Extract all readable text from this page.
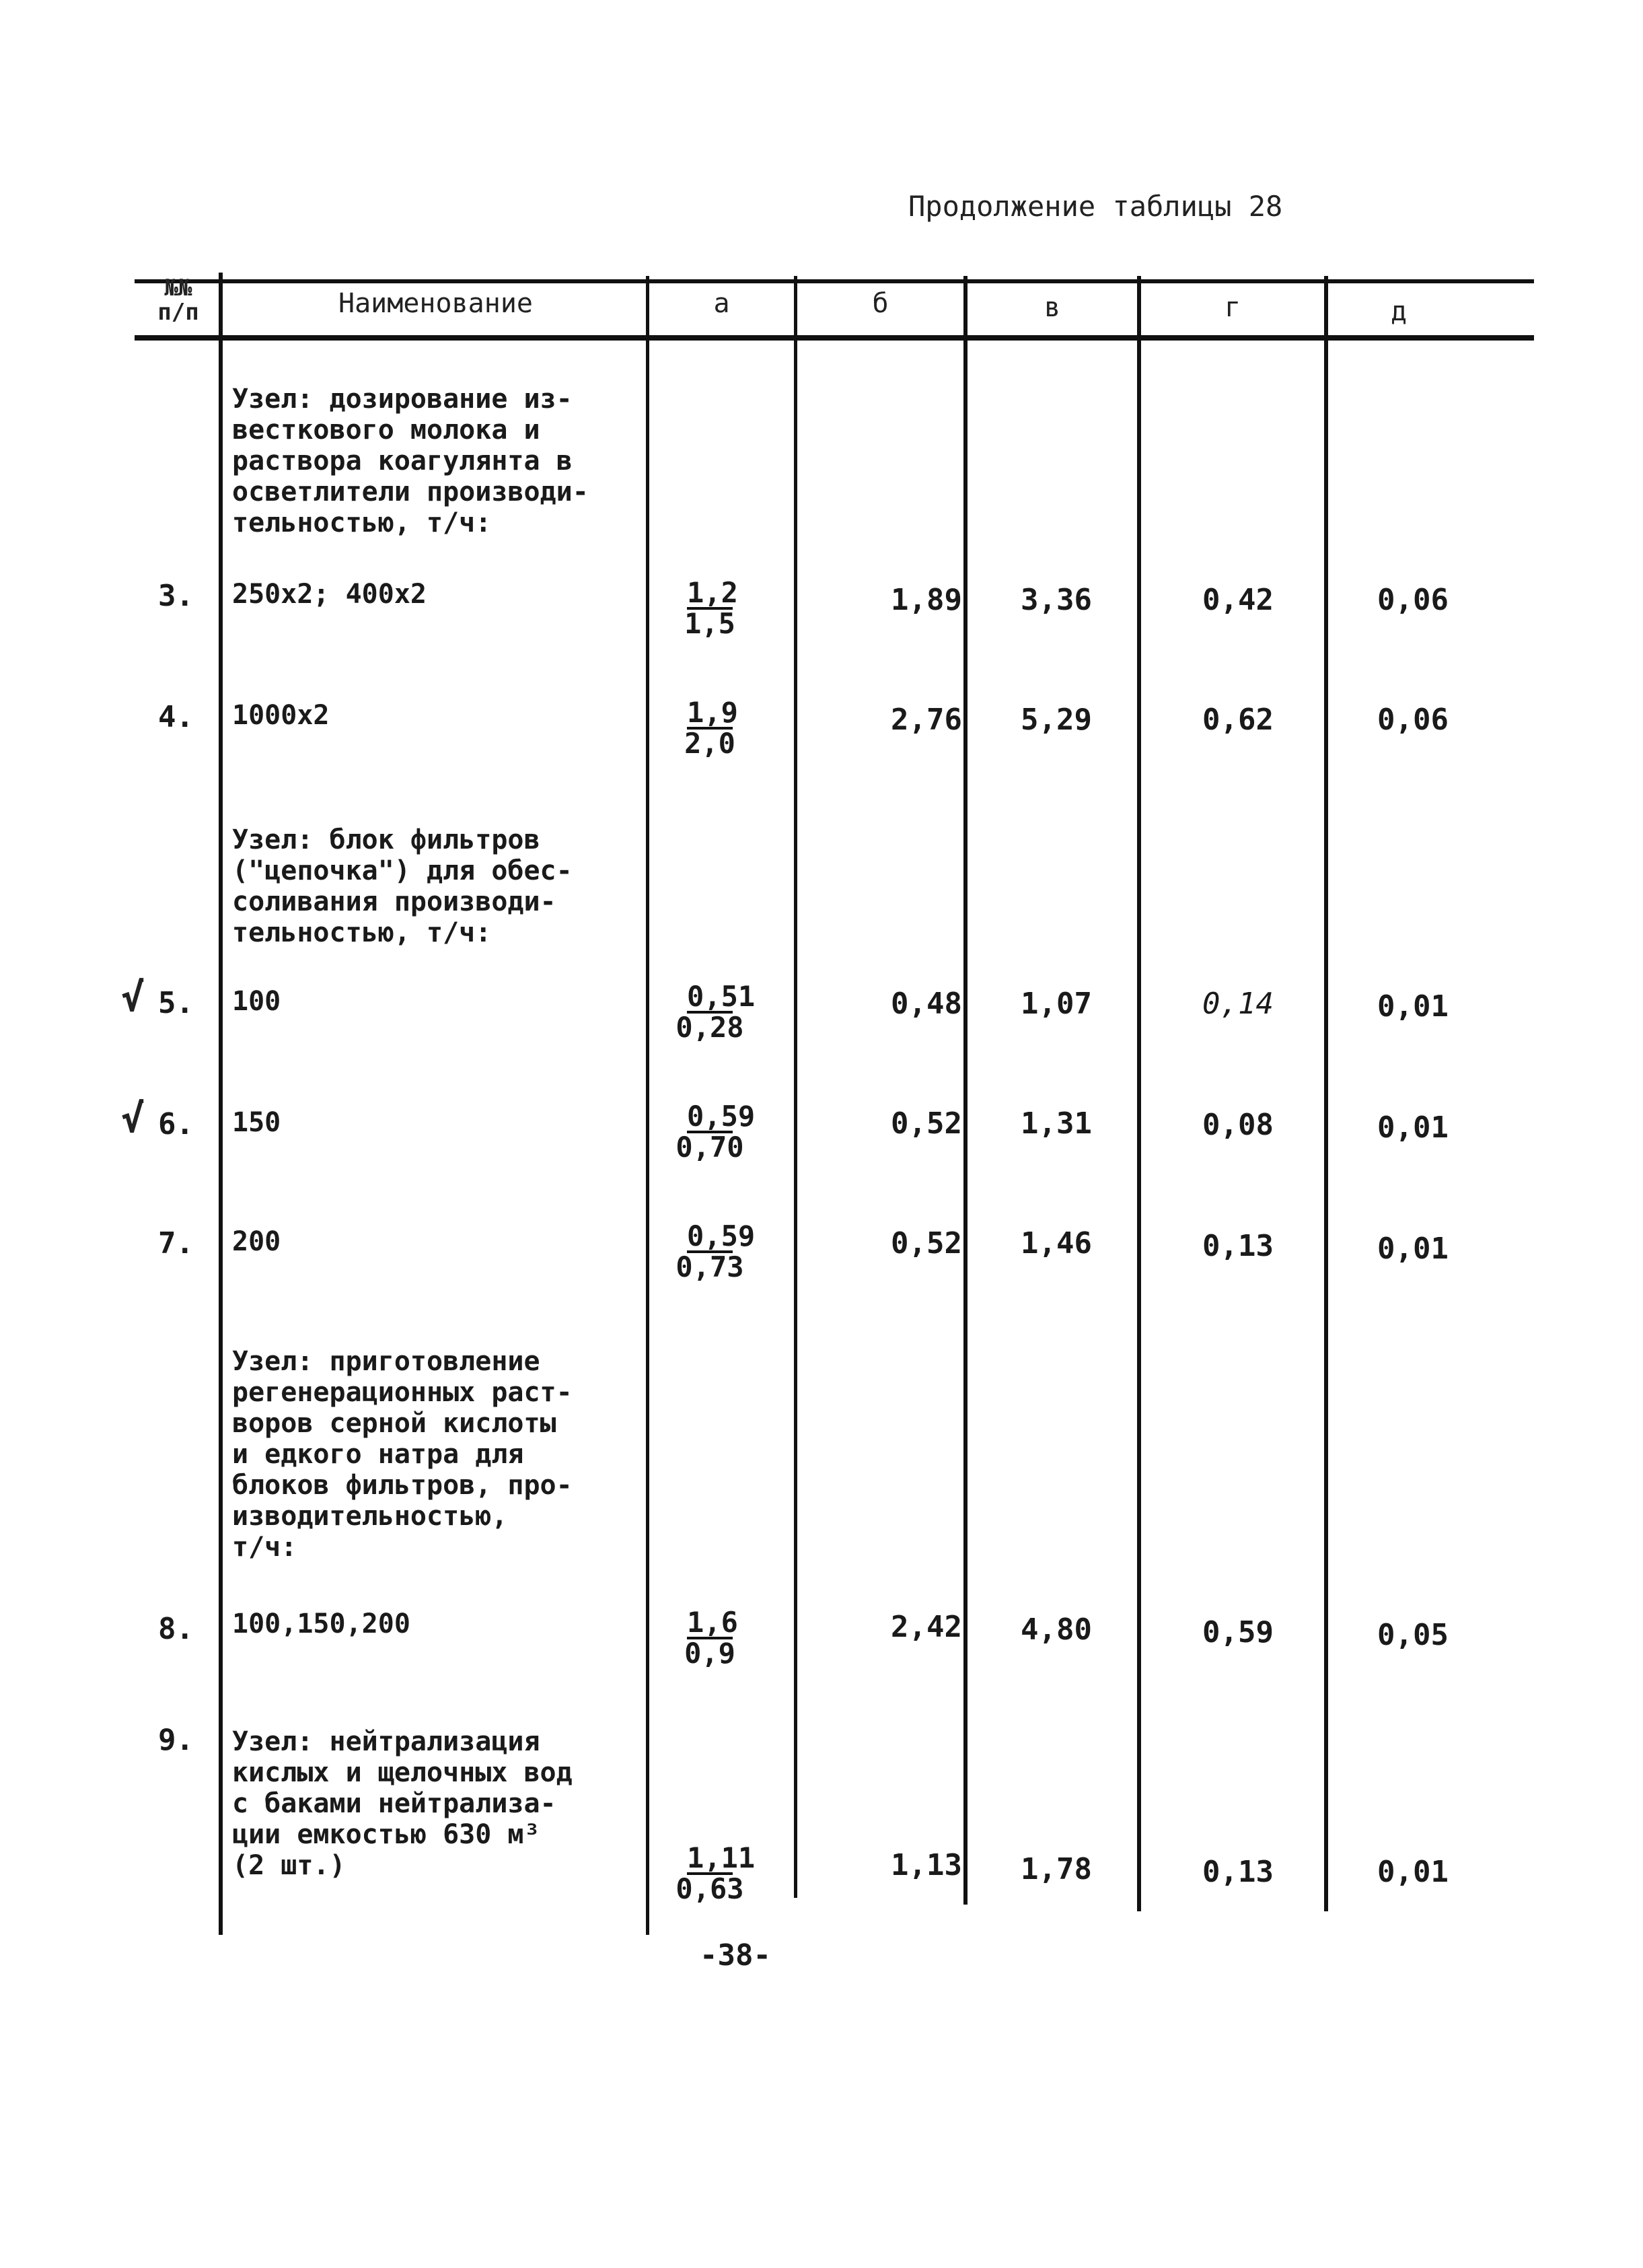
Продолжение таблицы 28
№№
п/п	Наименование	а	б	в	г	д
Узел: дозирование из-
весткового молока и
раствора коагулянта в
осветлители производи-
тельностью, т/ч:
3. 250х2; 400х2	$\frac{1,2}{1,5}$	1,89	3,36	0,42	0,06
4. 1000х2	$\frac{1,9}{2,0}$	2,76	5,29	0,62	0,06
Узел: блок фильтров
("цепочка") для обес-
соливания производи-
тельностью, т/ч:
√ 5. 100	$\frac{0,51}{0,28}$	0,48	1,07	0,14	0,01
√ 6. 150	$\frac{0,59}{0,70}$	0,52	1,31	0,08	0,01
7. 200	$\frac{0,59}{0,73}$	0,52	1,46	0,13	0,01
Узел: приготовление
регенерационных раст-
воров серной кислоты
и едкого натра для
блоков фильтров, про-
изводительностью,
т/ч:
8. 100,150,200	$\frac{1,6}{0,9}$	2,42	4,80	0,59	0,05
9. Узел: нейтрализация
кислых и щелочных вод
с баками нейтрализа-
ции емкостью 630 м³
(2 шт.)	$\frac{1,11}{0,63}$	1,13	1,78	0,13	0,01
-38-
